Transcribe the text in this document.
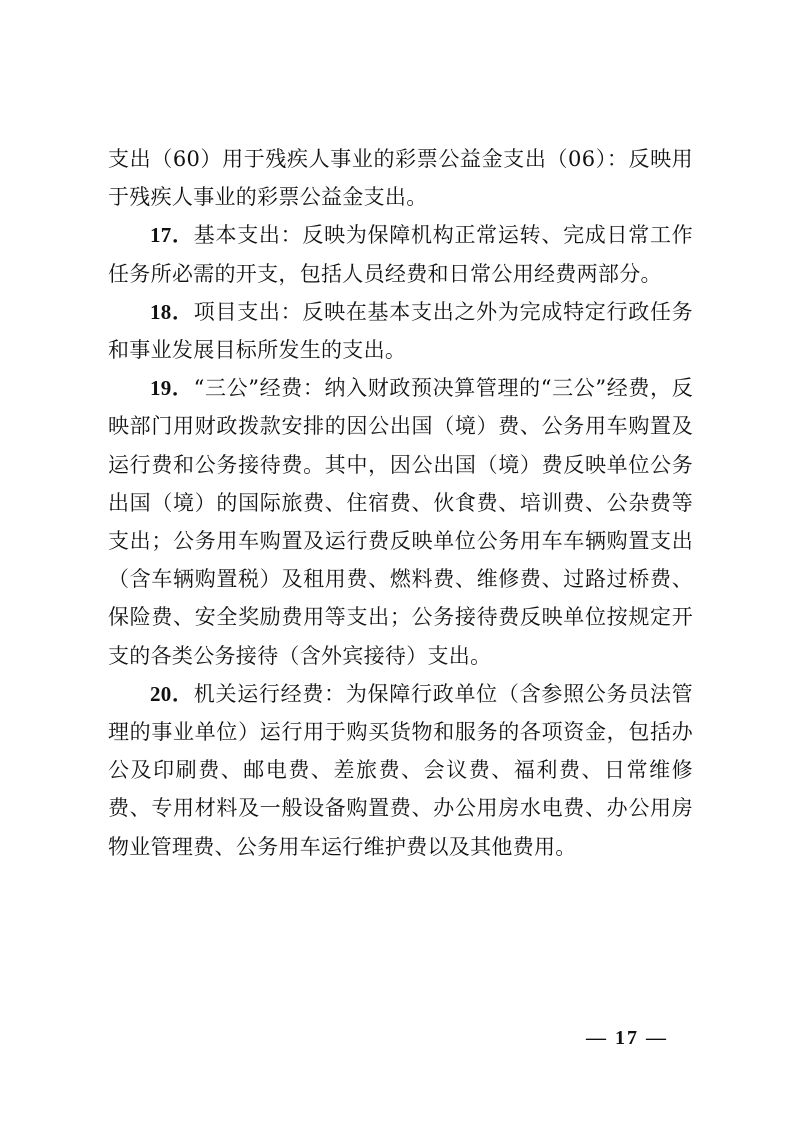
支出（60）用于残疾人事业的彩票公益金支出（06）：反映用于残疾人事业的彩票公益金支出。

17．基本支出：反映为保障机构正常运转、完成日常工作任务所必需的开支，包括人员经费和日常公用经费两部分。

18．项目支出：反映在基本支出之外为完成特定行政任务和事业发展目标所发生的支出。

19．“三公”经费：纳入财政预决算管理的“三公”经费，反映部门用财政拨款安排的因公出国（境）费、公务用车购置及运行费和公务接待费。其中，因公出国（境）费反映单位公务出国（境）的国际旅费、住宿费、伙食费、培训费、公杂费等支出；公务用车购置及运行费反映单位公务用车车辆购置支出（含车辆购置税）及租用费、燃料费、维修费、过路过桥费、保险费、安全奖励费用等支出；公务接待费反映单位按规定开支的各类公务接待（含外宾接待）支出。

20．机关运行经费：为保障行政单位（含参照公务员法管理的事业单位）运行用于购买货物和服务的各项资金，包括办公及印刷费、邮电费、差旅费、会议费、福利费、日常维修费、专用材料及一般设备购置费、办公用房水电费、办公用房物业管理费、公务用车运行维护费以及其他费用。

— 17 —
